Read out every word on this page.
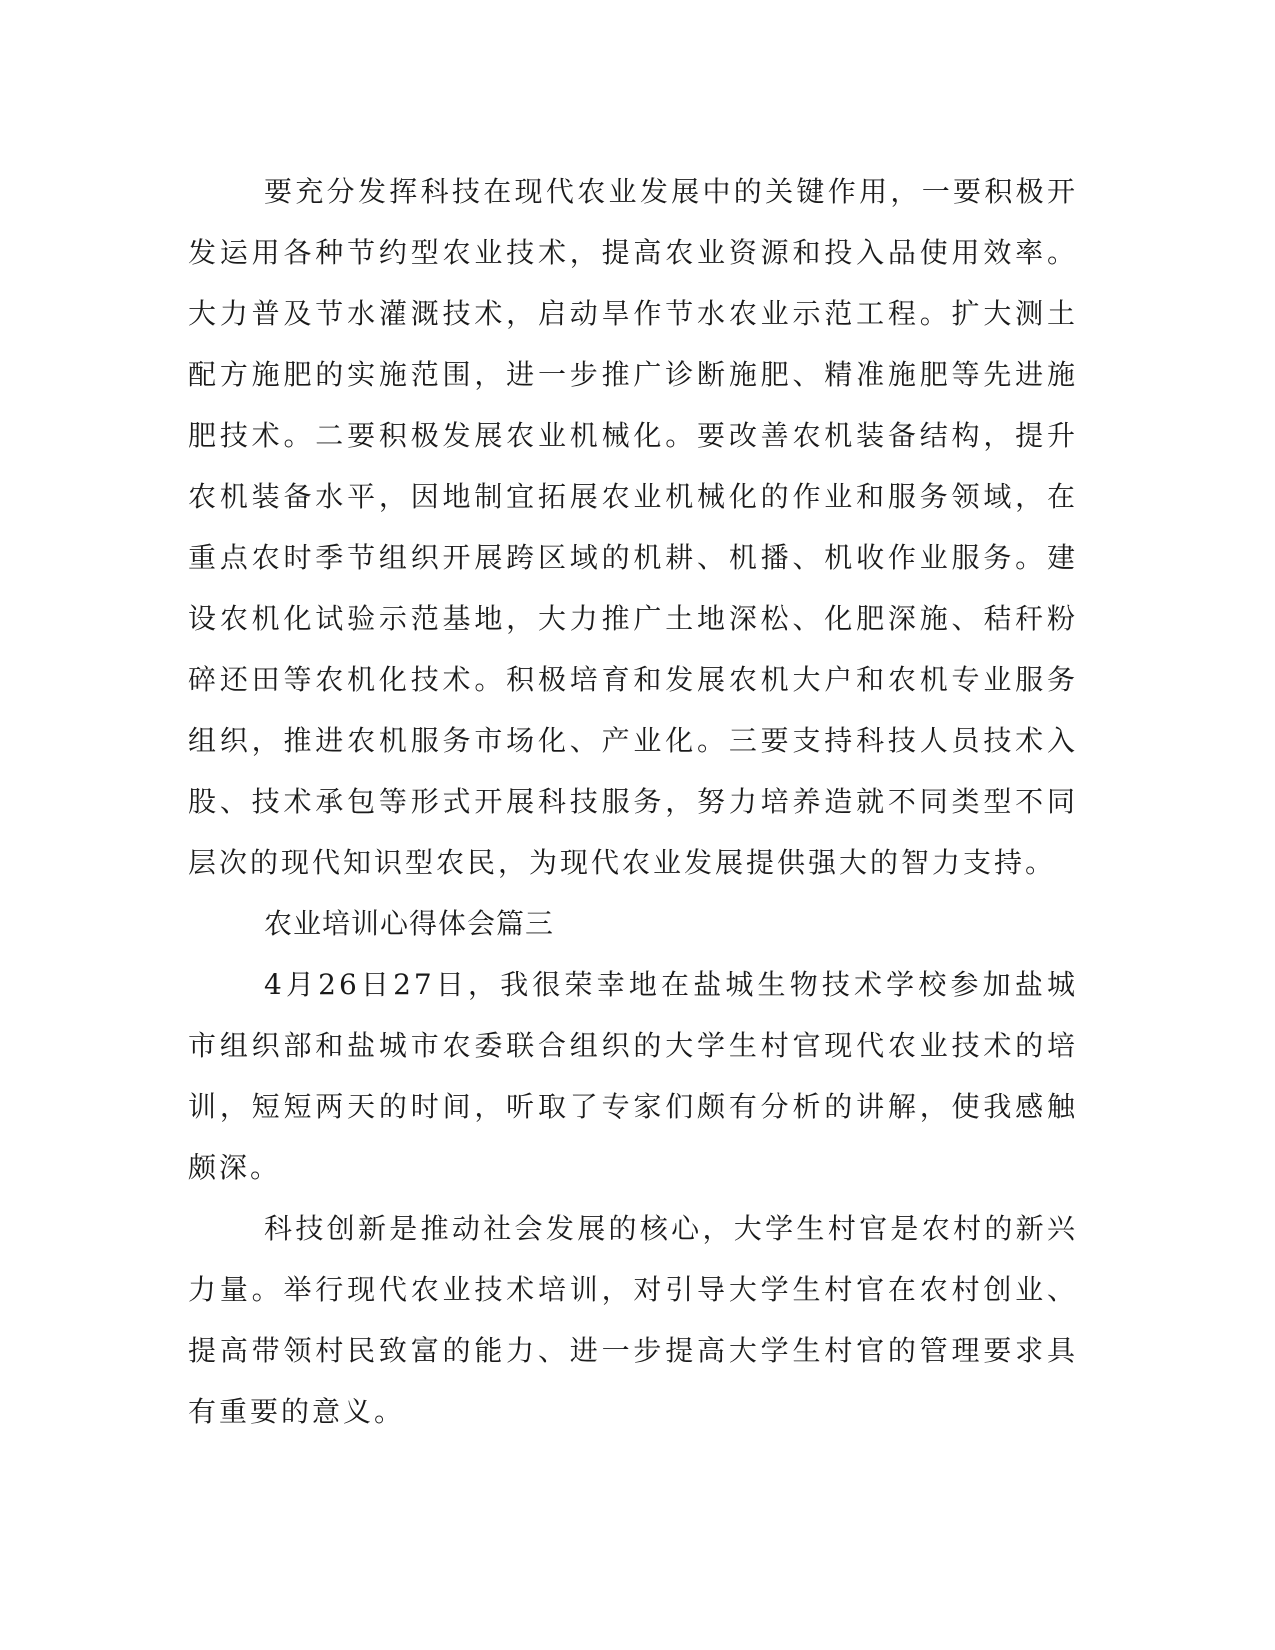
要充分发挥科技在现代农业发展中的关键作用，一要积极开发运用各种节约型农业技术，提高农业资源和投入品使用效率。大力普及节水灌溉技术，启动旱作节水农业示范工程。扩大测土配方施肥的实施范围，进一步推广诊断施肥、精准施肥等先进施肥技术。二要积极发展农业机械化。要改善农机装备结构，提升农机装备水平，因地制宜拓展农业机械化的作业和服务领域，在重点农时季节组织开展跨区域的机耕、机播、机收作业服务。建设农机化试验示范基地，大力推广土地深松、化肥深施、秸秆粉碎还田等农机化技术。积极培育和发展农机大户和农机专业服务组织，推进农机服务市场化、产业化。三要支持科技人员技术入股、技术承包等形式开展科技服务，努力培养造就不同类型不同层次的现代知识型农民，为现代农业发展提供强大的智力支持。

农业培训心得体会篇三

4月26日27日，我很荣幸地在盐城生物技术学校参加盐城市组织部和盐城市农委联合组织的大学生村官现代农业技术的培训，短短两天的时间，听取了专家们颇有分析的讲解，使我感触颇深。

科技创新是推动社会发展的核心，大学生村官是农村的新兴力量。举行现代农业技术培训，对引导大学生村官在农村创业、提高带领村民致富的能力、进一步提高大学生村官的管理要求具有重要的意义。
